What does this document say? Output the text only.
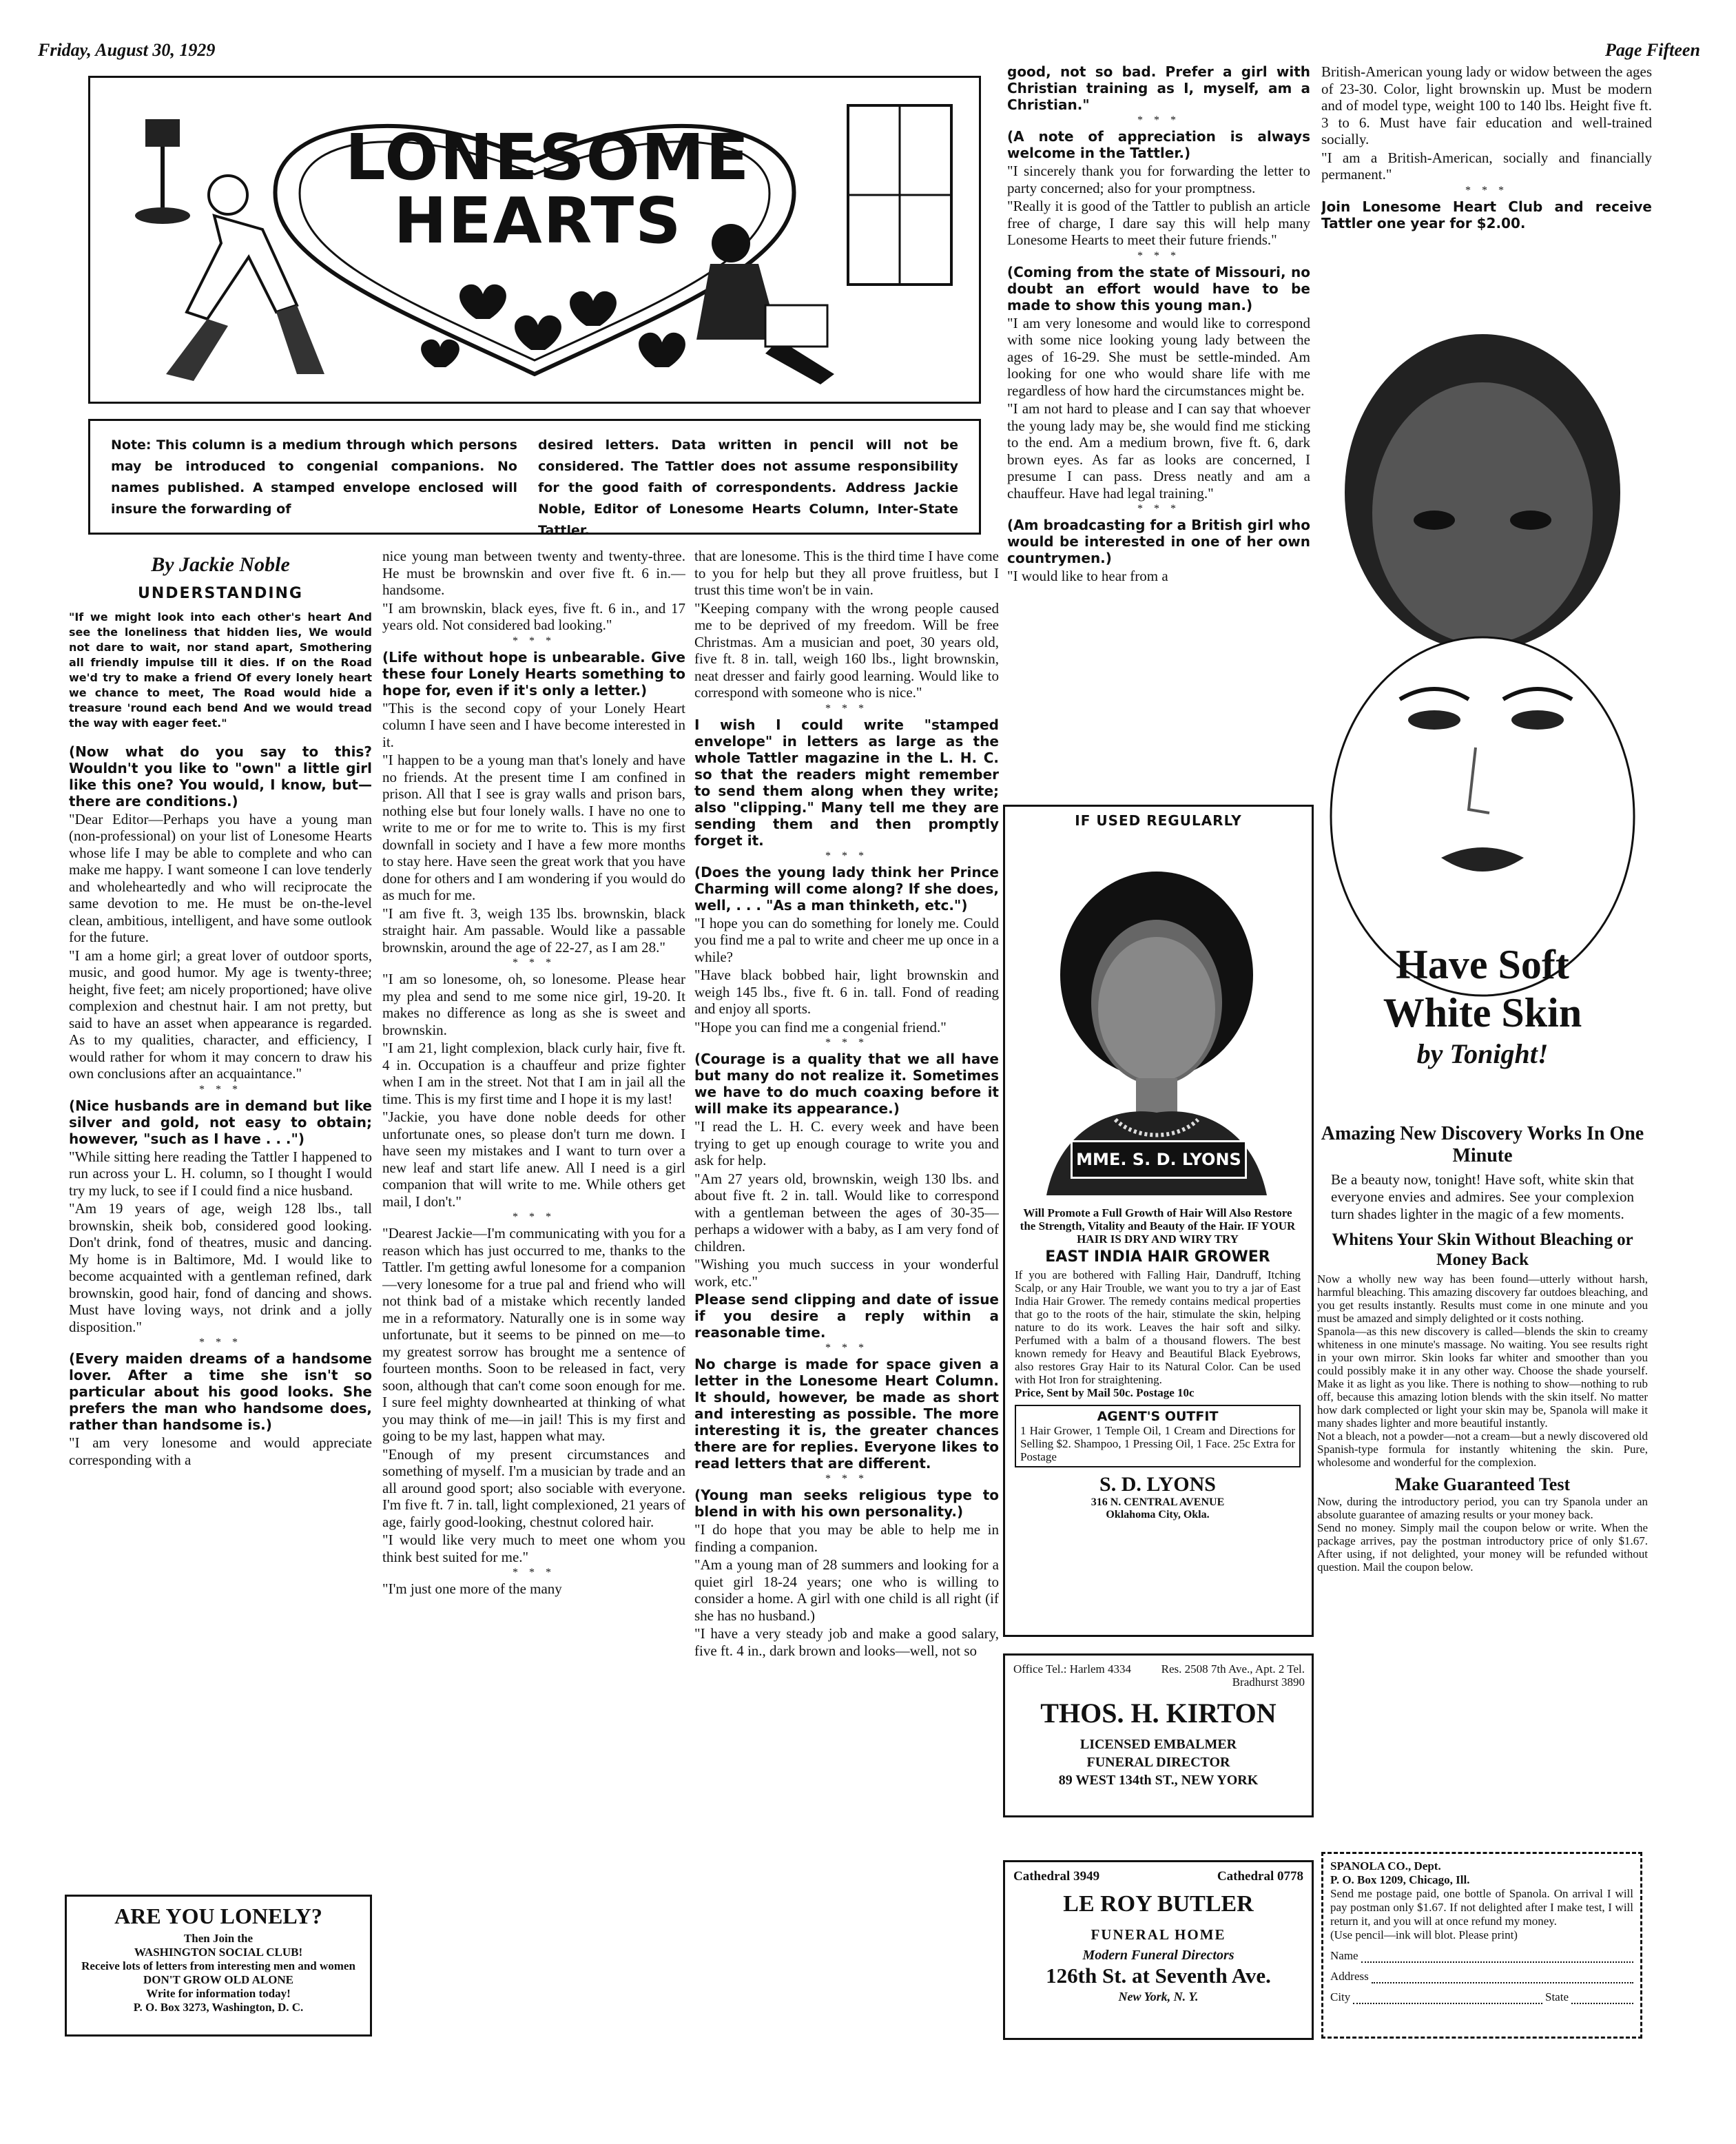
Friday, August 30, 1929	Page Fifteen
LONESOME
HEARTS
Note: This column is a medium through which persons may be introduced to congenial companions. No names published. A stamped envelope enclosed will insure the forwarding of
desired letters. Data written in pencil will not be considered. The Tattler does not assume responsibility for the good faith of correspondents. Address Jackie Noble, Editor of Lonesome Hearts Column, Inter-State Tattler.
By Jackie Noble
UNDERSTANDING

"If we might look into each other's heart And see the loneliness that hidden lies, We would not dare to wait, nor stand apart, Smothering all friendly impulse till it dies. If on the Road we'd try to make a friend Of every lonely heart we chance to meet, The Road would hide a treasure 'round each bend And we would tread the way with eager feet."

(Now what do you say to this? Wouldn't you like to "own" a little girl like this one? You would, I know, but—there are conditions.)

"Dear Editor—Perhaps you have a young man (non-professional) on your list of Lonesome Hearts whose life I may be able to complete and who can make me happy. I want someone I can love tenderly and wholeheartedly and who will reciprocate the same devotion to me. He must be on-the-level clean, ambitious, intelligent, and have some outlook for the future.

"I am a home girl; a great lover of outdoor sports, music, and good humor. My age is twenty-three; height, five feet; am nicely proportioned; have olive complexion and chestnut hair. I am not pretty, but said to have an asset when appearance is regarded. As to my qualities, character, and efficiency, I would rather for whom it may concern to draw his own conclusions after an acquaintance."

* * *

(Nice husbands are in demand but like silver and gold, not easy to obtain; however, "such as I have . . .")

"While sitting here reading the Tattler I happened to run across your L. H. column, so I thought I would try my luck, to see if I could find a nice husband.

"Am 19 years of age, weigh 128 lbs., tall brownskin, sheik bob, considered good looking. Don't drink, fond of theatres, music and dancing. My home is in Baltimore, Md. I would like to become acquainted with a gentleman refined, dark brownskin, good hair, fond of dancing and shows. Must have loving ways, not drink and a jolly disposition."

* * *

(Every maiden dreams of a handsome lover. After a time she isn't so particular about his good looks. She prefers the man who handsome does, rather than handsome is.)

"I am very lonesome and would appreciate corresponding with a

ARE YOU LONELY?
Then Join the
WASHINGTON SOCIAL CLUB!
Receive lots of letters from interesting men and women
DON'T GROW OLD ALONE
Write for information today!
P. O. Box 3273, Washington, D. C.

nice young man between twenty and twenty-three. He must be brownskin and over five ft. 6 in.—handsome.

"I am brownskin, black eyes, five ft. 6 in., and 17 years old. Not considered bad looking."

* * *

(Life without hope is unbearable. Give these four Lonely Hearts something to hope for, even if it's only a letter.)

"This is the second copy of your Lonely Heart column I have seen and I have become interested in it.

"I happen to be a young man that's lonely and have no friends. At the present time I am confined in prison. All that I see is gray walls and prison bars, nothing else but four lonely walls. I have no one to write to me or for me to write to. This is my first downfall in society and I have a few more months to stay here. Have seen the great work that you have done for others and I am wondering if you would do as much for me.

"I am five ft. 3, weigh 135 lbs. brownskin, black straight hair. Am passable. Would like a passable brownskin, around the age of 22-27, as I am 28."

* * *

"I am so lonesome, oh, so lonesome. Please hear my plea and send to me some nice girl, 19-20. It makes no difference as long as she is sweet and brownskin.

"I am 21, light complexion, black curly hair, five ft. 4 in. Occupation is a chauffeur and prize fighter when I am in the street. Not that I am in jail all the time. This is my first time and I hope it is my last!

"Jackie, you have done noble deeds for other unfortunate ones, so please don't turn me down. I have seen my mistakes and I want to turn over a new leaf and start life anew. All I need is a girl companion that will write to me. While others get mail, I don't."

* * *

"Dearest Jackie—I'm communicating with you for a reason which has just occurred to me, thanks to the Tattler. I'm getting awful lonesome for a companion—very lonesome for a true pal and friend who will not think bad of a mistake which recently landed me in a reformatory. Naturally one is in some way unfortunate, but it seems to be pinned on me—to my greatest sorrow has brought me a sentence of fourteen months. Soon to be released in fact, very soon, although that can't come soon enough for me. I sure feel mighty downhearted at thinking of what you may think of me—in jail! This is my first and going to be my last, happen what may.

"Enough of my present circumstances and something of myself. I'm a musician by trade and an all around good sport; also sociable with everyone. I'm five ft. 7 in. tall, light complexioned, 21 years of age, fairly good-looking, chestnut colored hair.

"I would like very much to meet one whom you think best suited for me."

* * *

"I'm just one more of the many

that are lonesome. This is the third time I have come to you for help but they all prove fruitless, but I trust this time won't be in vain.

"Keeping company with the wrong people caused me to be deprived of my freedom. Will be free Christmas. Am a musician and poet, 30 years old, five ft. 8 in. tall, weigh 160 lbs., light brownskin, neat dresser and fairly good learning. Would like to correspond with someone who is nice."

* * *

I wish I could write "stamped envelope" in letters as large as the whole Tattler magazine in the L. H. C. so that the readers might remember to send them along when they write; also "clipping." Many tell me they are sending them and then promptly forget it.

* * *

(Does the young lady think her Prince Charming will come along? If she does, well, . . . "As a man thinketh, etc.")

"I hope you can do something for lonely me. Could you find me a pal to write and cheer me up once in a while?

"Have black bobbed hair, light brownskin and weigh 145 lbs., five ft. 6 in. tall. Fond of reading and enjoy all sports.

"Hope you can find me a congenial friend."

* * *

(Courage is a quality that we all have but many do not realize it. Sometimes we have to do much coaxing before it will make its appearance.)

"I read the L. H. C. every week and have been trying to get up enough courage to write you and ask for help.

"Am 27 years old, brownskin, weigh 130 lbs. and about five ft. 2 in. tall. Would like to correspond with a gentleman between the ages of 30-35—perhaps a widower with a baby, as I am very fond of children.

"Wishing you much success in your wonderful work, etc."

Please send clipping and date of issue if you desire a reply within a reasonable time.

* * *

No charge is made for space given a letter in the Lonesome Heart Column. It should, however, be made as short and interesting as possible. The more interesting it is, the greater chances there are for replies. Everyone likes to read letters that are different.

* * *

(Young man seeks religious type to blend in with his own personality.)

"I do hope that you may be able to help me in finding a companion.

"Am a young man of 28 summers and looking for a quiet girl 18-24 years; one who is willing to consider a home. A girl with one child is all right (if she has no husband.)

"I have a very steady job and make a good salary, five ft. 4 in., dark brown and looks—well, not so

good, not so bad. Prefer a girl with Christian training as I, myself, am a Christian."

* * *

(A note of appreciation is always welcome in the Tattler.)

"I sincerely thank you for forwarding the letter to party concerned; also for your promptness.

"Really it is good of the Tattler to publish an article free of charge, I dare say this will help many Lonesome Hearts to meet their future friends."

* * *

(Coming from the state of Missouri, no doubt an effort would have to be made to show this young man.)

"I am very lonesome and would like to correspond with some nice looking young lady between the ages of 16-29. She must be settle-minded. Am looking for one who would share life with me regardless of how hard the circumstances might be.

"I am not hard to please and I can say that whoever the young lady may be, she would find me sticking to the end. Am a medium brown, five ft. 6, dark brown eyes. As far as looks are concerned, I presume I can pass. Dress neatly and am a chauffeur. Have had legal training."

* * *

(Am broadcasting for a British girl who would be interested in one of her own countrymen.)

"I would like to hear from a

British-American young lady or widow between the ages of 23-30. Color, light brownskin up. Must be modern and of model type, weight 100 to 140 lbs. Height five ft. 3 to 6. Must have fair education and well-trained socially.

"I am a British-American, socially and financially permanent."

* * *

Join Lonesome Heart Club and receive Tattler one year for $2.00.

IF USED REGULARLY
MME. S. D. LYONS
Will Promote a Full Growth of Hair Will Also Restore the Strength, Vitality and Beauty of the Hair. IF YOUR HAIR IS DRY AND WIRY TRY
EAST INDIA HAIR GROWER
If you are bothered with Falling Hair, Dandruff, Itching Scalp, or any Hair Trouble, we want you to try a jar of East India Hair Grower. The remedy contains medical properties that go to the roots of the hair, stimulate the skin, helping nature to do its work. Leaves the hair soft and silky. Perfumed with a balm of a thousand flowers. The best known remedy for Heavy and Beautiful Black Eyebrows, also restores Gray Hair to its Natural Color. Can be used with Hot Iron for straightening.
Price, Sent by Mail 50c. Postage 10c
AGENT'S OUTFIT
1 Hair Grower, 1 Temple Oil, 1 Cream and Directions for Selling $2. Shampoo, 1 Pressing Oil, 1 Face. 25c Extra for Postage
S. D. LYONS
316 N. CENTRAL AVENUE
Oklahoma City, Okla.
Office Tel.: Harlem 4334	Res. 2508 7th Ave., Apt. 2 Tel. Bradhurst 3890
THOS. H. KIRTON
LICENSED EMBALMER
FUNERAL DIRECTOR
89 WEST 134th ST., NEW YORK
Cathedral 3949	Cathedral 0778
LE ROY BUTLER
FUNERAL HOME
Modern Funeral Directors
126th St. at Seventh Ave.
New York, N. Y.
Have Soft
White Skin
by Tonight!
Amazing New Discovery Works In One Minute
Be a beauty now, tonight! Have soft, white skin that everyone envies and admires. See your complexion turn shades lighter in the magic of a few moments.
Whitens Your Skin Without Bleaching or Money Back
Now a wholly new way has been found—utterly without harsh, harmful bleaching. This amazing discovery far outdoes bleaching, and you get results instantly. Results must come in one minute and you must be amazed and simply delighted or it costs nothing.
Spanola—as this new discovery is called—blends the skin to creamy whiteness in one minute's massage. No waiting. You see results right in your own mirror. Skin looks far whiter and smoother than you could possibly make it in any other way. Choose the shade yourself. Make it as light as you like. There is nothing to show—nothing to rub off, because this amazing lotion blends with the skin itself. No matter how dark complected or light your skin may be, Spanola will make it many shades lighter and more beautiful instantly.
Not a bleach, not a powder—not a cream—but a newly discovered old Spanish-type formula for instantly whitening the skin. Pure, wholesome and wonderful for the complexion.
Make Guaranteed Test
Now, during the introductory period, you can try Spanola under an absolute guarantee of amazing results or your money back.
Send no money. Simply mail the coupon below or write. When the package arrives, pay the postman introductory price of only $1.67. After using, if not delighted, your money will be refunded without question. Mail the coupon below.
SPANOLA CO., Dept.
P. O. Box 1209, Chicago, Ill.
Send me postage paid, one bottle of Spanola. On arrival I will pay postman only $1.67. If not delighted after I make test, I will return it, and you will at once refund my money.
(Use pencil—ink will blot. Please print)
Name
Address
City	State
